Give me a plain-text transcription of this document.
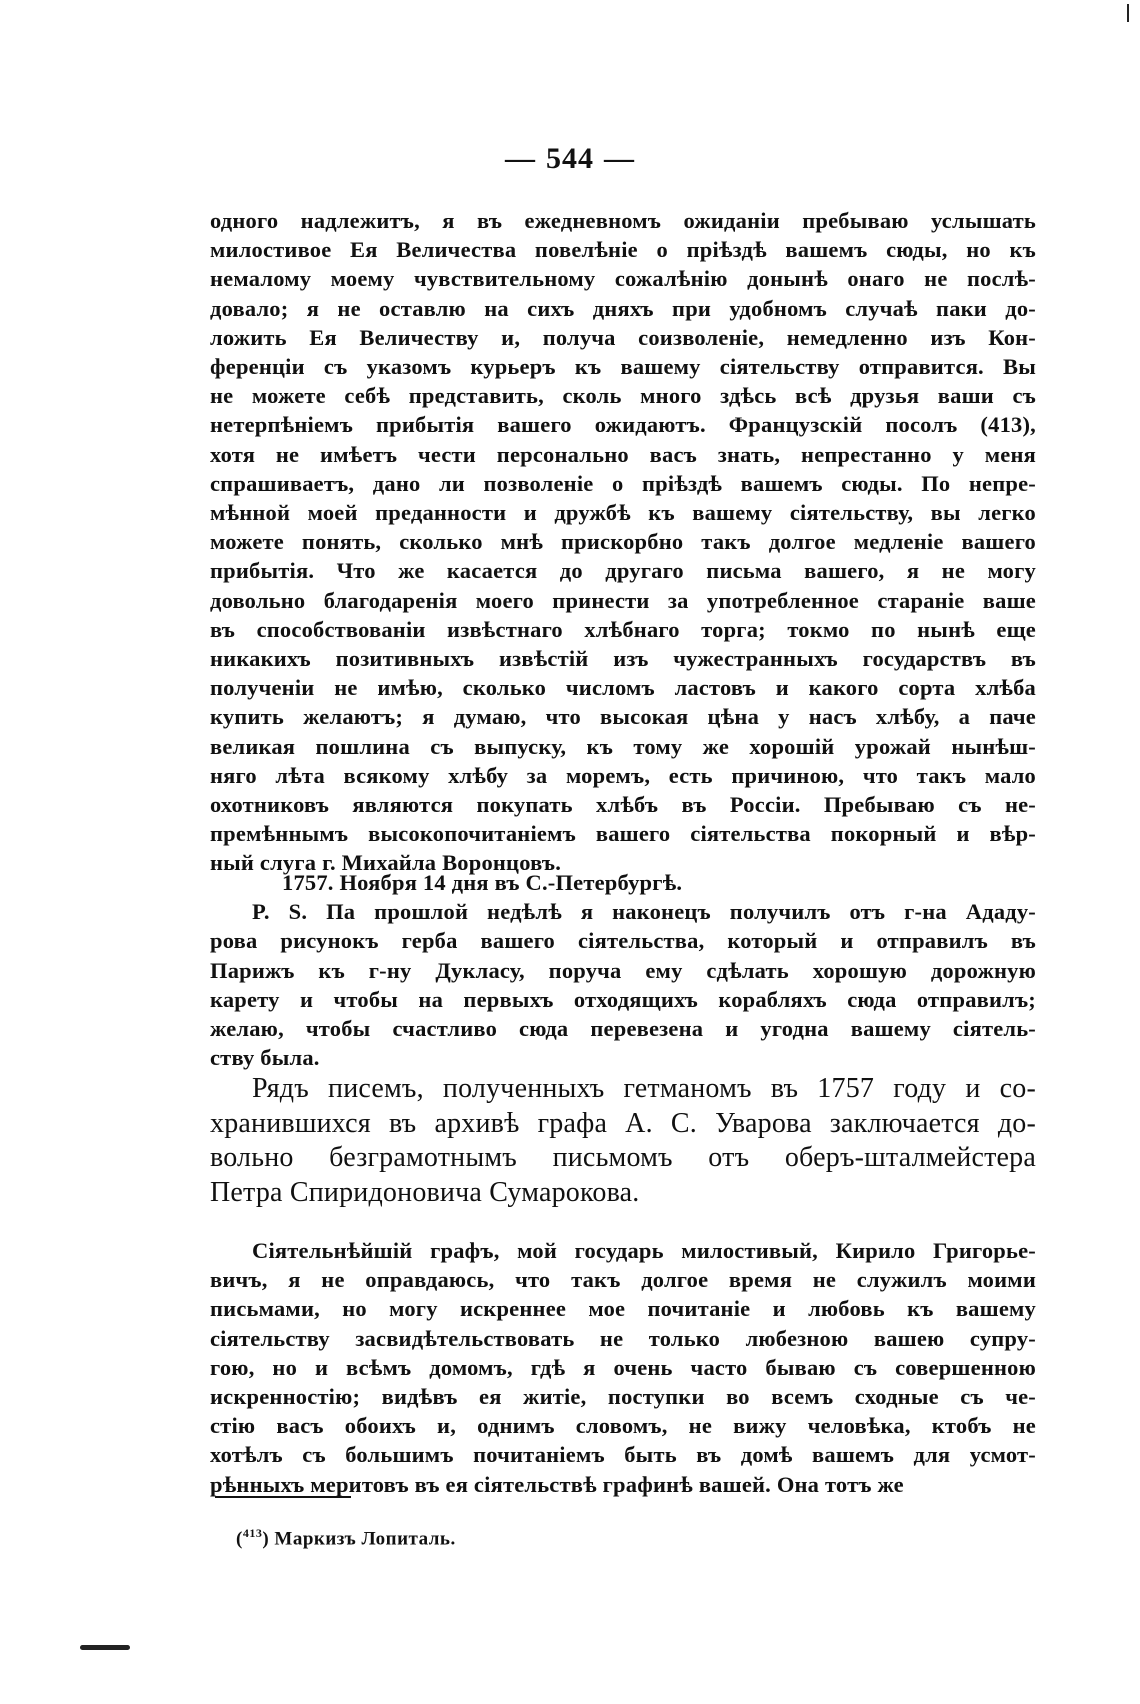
— 544 —
одного надлежитъ, я въ ежедневномъ ожиданіи пребываю услышать
милостивое Ея Величества повелѣніе о пріѣздѣ вашемъ сюды, но къ
немалому моему чувствительному сожалѣнію донынѣ онаго не послѣ-
довало; я не оставлю на сихъ дняхъ при удобномъ случаѣ паки до-
ложить Ея Величеству и, получа соизволеніе, немедленно изъ Кон-
ференціи съ указомъ курьеръ къ вашему сіятельству отправится. Вы
не можете себѣ представить, сколь много здѣсь всѣ друзья ваши съ
нетерпѣніемъ прибытія вашего ожидаютъ. Французскій посолъ (413),
хотя не имѣетъ чести персонально васъ знать, непрестанно у меня
спрашиваетъ, дано ли позволеніе о пріѣздѣ вашемъ сюды. По непре-
мѣнной моей преданности и дружбѣ къ вашему сіятельству, вы легко
можете понять, сколько мнѣ прискорбно такъ долгое медленіе вашего
прибытія. Что же касается до другаго письма вашего, я не могу
довольно благодаренія моего принести за употребленное стараніе ваше
въ способствованіи извѣстнаго хлѣбнаго торга; токмо по нынѣ еще
никакихъ позитивныхъ извѣстій изъ чужестранныхъ государствъ въ
полученіи не имѣю, сколько числомъ ластовъ и какого сорта хлѣба
купить желаютъ; я думаю, что высокая цѣна у насъ хлѣбу, а паче
великая пошлина съ выпуску, къ тому же хорошій урожай нынѣш-
няго лѣта всякому хлѣбу за моремъ, есть причиною, что такъ мало
охотниковъ являются покупать хлѣбъ въ Россіи. Пребываю съ не-
премѣннымъ высокопочитаніемъ вашего сіятельства покорный и вѣр-
ный слуга г. Михайла Воронцовъ.
1757. Ноября 14 дня въ С.-Петербургѣ.
P. S. Па прошлой недѣлѣ я наконецъ получилъ отъ г-на Ададу-
рова рисунокъ герба вашего сіятельства, который и отправилъ въ
Парижъ къ г-ну Дукласу, поруча ему сдѣлать хорошую дорожную
карету и чтобы на первыхъ отходящихъ корабляхъ сюда отправилъ;
желаю, чтобы счастливо сюда перевезена и угодна вашему сіятель-
ству была.
Рядъ писемъ, полученныхъ гетманомъ въ 1757 году и со-
хранившихся въ архивѣ графа А. С. Уварова заключается до-
вольно безграмотнымъ письмомъ отъ оберъ-шталмейстера
Петра Спиридоновича Сумарокова.
Сіятельнѣйшій графъ, мой государь милостивый, Кирило Григорье-
вичъ, я не оправдаюсь, что такъ долгое время не служилъ моими
письмами, но могу искреннее мое почитаніе и любовь къ вашему
сіятельству засвидѣтельствовать не только любезною вашею супру-
гою, но и всѣмъ домомъ, гдѣ я очень часто бываю съ совершенною
искренностію; видѣвъ ея житіе, поступки во всемъ сходные съ че-
стію васъ обоихъ и, однимъ словомъ, не вижу человѣка, ктобъ не
хотѣлъ съ большимъ почитаніемъ быть въ домѣ вашемъ для усмот-
рѣнныхъ меритовъ въ ея сіятельствѣ графинѣ вашей. Она тотъ же
($^{413}$) Маркизъ Лопиталь.
